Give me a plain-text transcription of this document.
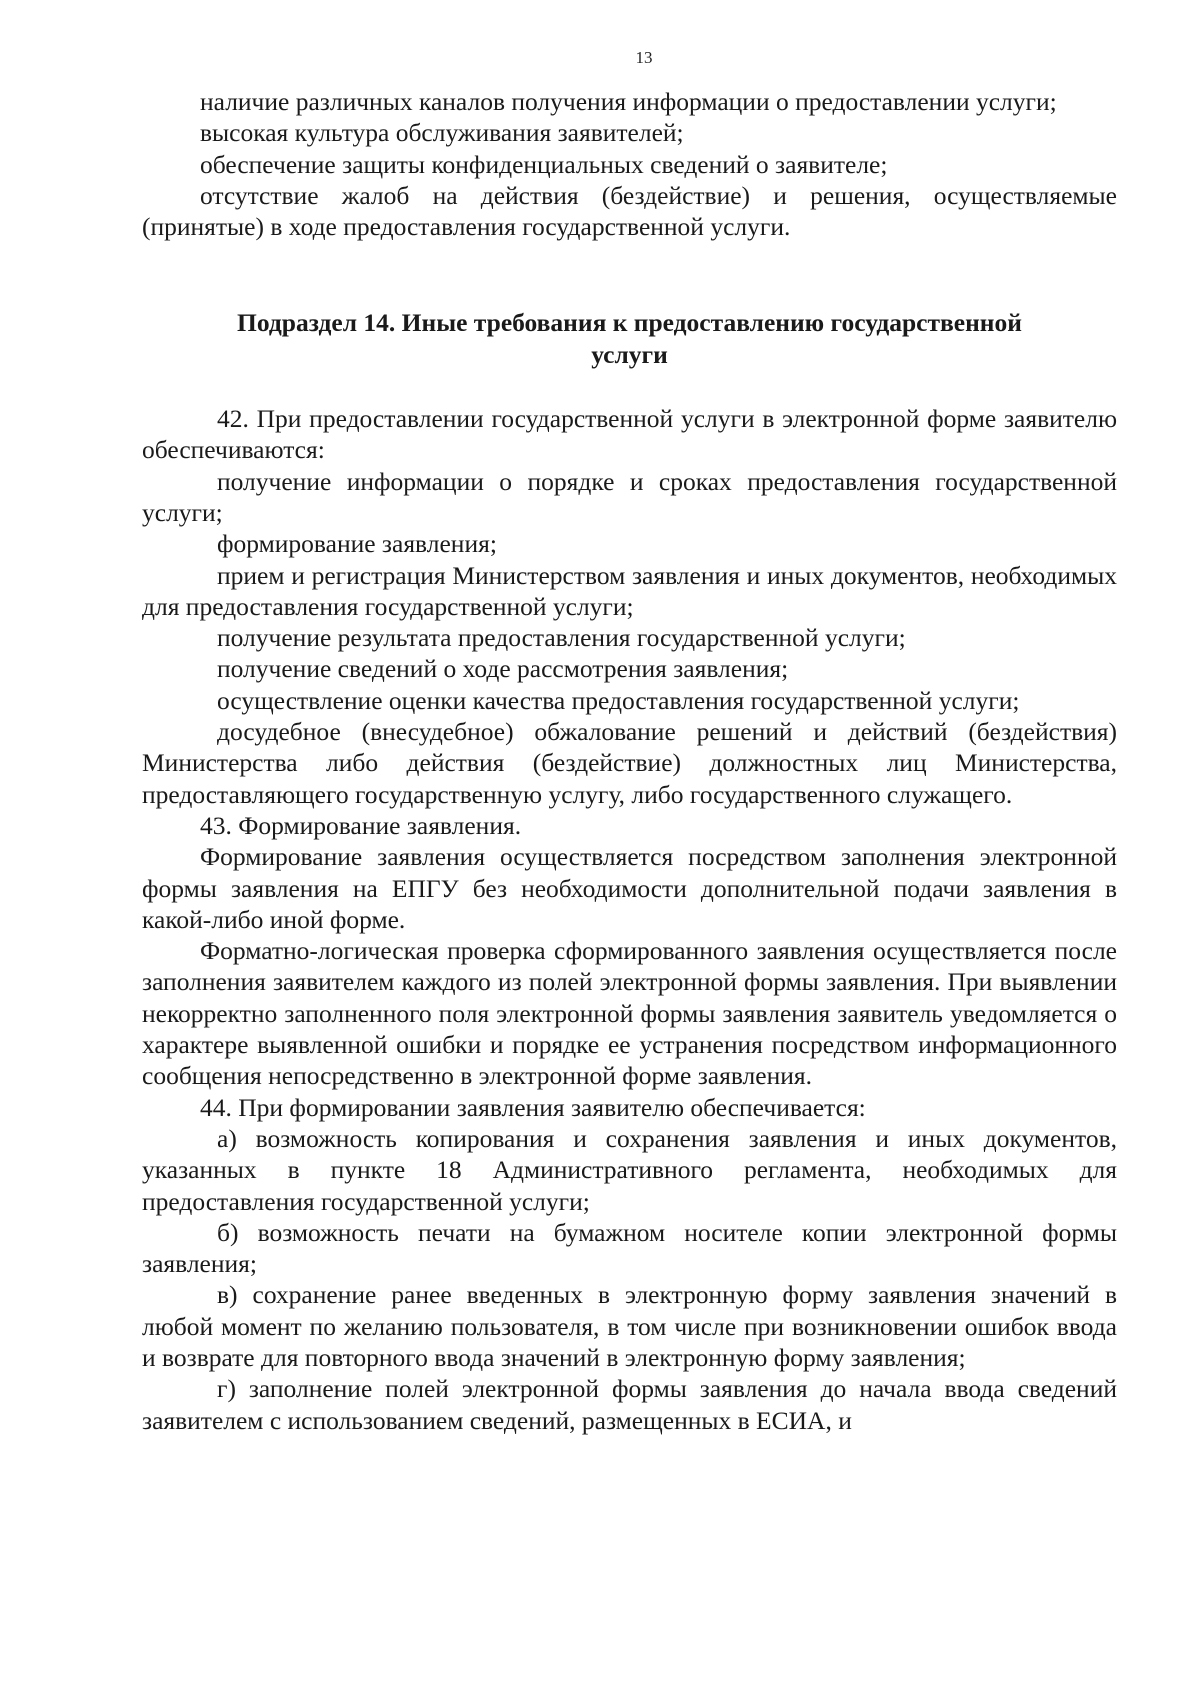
13

наличие различных каналов получения информации о предоставлении услуги;

высокая культура обслуживания заявителей;

обеспечение защиты конфиденциальных сведений о заявителе;

отсутствие жалоб на действия (бездействие) и решения, осуществляемые (принятые) в ходе предоставления государственной услуги.

Подраздел 14. Иные требования к предоставлению государственной
услуги

42. При предоставлении государственной услуги в электронной форме заявителю обеспечиваются:

получение информации о порядке и сроках предоставления государственной услуги;

формирование заявления;

прием и регистрация Министерством заявления и иных документов, необходимых для предоставления государственной услуги;

получение результата предоставления государственной услуги;

получение сведений о ходе рассмотрения заявления;

осуществление оценки качества предоставления государственной услуги;

досудебное (внесудебное) обжалование решений и действий (бездействия) Министерства либо действия (бездействие) должностных лиц Министерства, предоставляющего государственную услугу, либо государственного служащего.

43. Формирование заявления.

Формирование заявления осуществляется посредством заполнения электронной формы заявления на ЕПГУ без необходимости дополнительной подачи заявления в какой-либо иной форме.

Форматно-логическая проверка сформированного заявления осуществляется после заполнения заявителем каждого из полей электронной формы заявления. При выявлении некорректно заполненного поля электронной формы заявления заявитель уведомляется о характере выявленной ошибки и порядке ее устранения посредством информационного сообщения непосредственно в электронной форме заявления.

44. При формировании заявления заявителю обеспечивается:

а) возможность копирования и сохранения заявления и иных документов, указанных в пункте 18 Административного регламента, необходимых для предоставления государственной услуги;

б) возможность печати на бумажном носителе копии электронной формы заявления;

в) сохранение ранее введенных в электронную форму заявления значений в любой момент по желанию пользователя, в том числе при возникновении ошибок ввода и возврате для повторного ввода значений в электронную форму заявления;

г) заполнение полей электронной формы заявления до начала ввода сведений заявителем с использованием сведений, размещенных в ЕСИА, и
